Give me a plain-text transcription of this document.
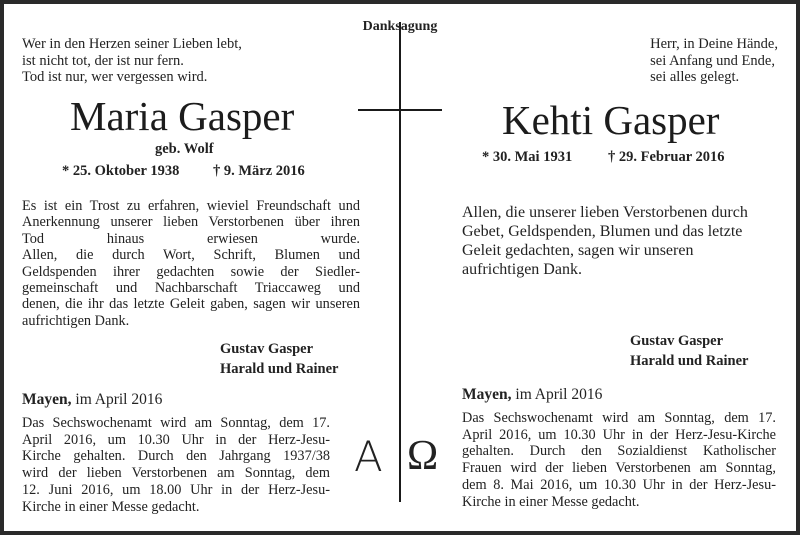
Danksagung
Wer in den Herzen seiner Lieben lebt,
ist nicht tot, der ist nur fern.
Tod ist nur, wer vergessen wird.
Herr, in Deine Hände,
sei Anfang und Ende,
sei alles gelegt.
Maria Gasper
geb. Wolf
* 25. Oktober 1938 † 9. März 2016
Es ist ein Trost zu erfahren, wieviel Freundschaft und
Anerkennung unserer lieben Verstorbenen über ihren
Tod hinaus erwiesen wurde.
Allen, die durch Wort, Schrift, Blumen und
Geldspenden ihrer gedachten sowie der Siedler-
gemeinschaft und Nachbarschaft Triaccaweg und
denen, die ihr das letzte Geleit gaben, sagen wir unseren
aufrichtigen Dank.
Gustav Gasper
Harald und Rainer
Mayen, im April 2016
Das Sechswochenamt wird am Sonntag, dem 17.
April 2016, um 10.30 Uhr in der Herz-Jesu-
Kirche gehalten. Durch den Jahrgang 1937/38
wird der lieben Verstorbenen am Sonntag, dem
12. Juni 2016, um 18.00 Uhr in der Herz-Jesu-
Kirche in einer Messe gedacht.
Kehti Gasper
* 30. Mai 1931 † 29. Februar 2016
Allen, die unserer lieben Verstorbenen durch
Gebet, Geldspenden, Blumen und das letzte
Geleit gedachten, sagen wir unseren
aufrichtigen Dank.
Gustav Gasper
Harald und Rainer
Mayen, im April 2016
Das Sechswochenamt wird am Sonntag, dem 17.
April 2016, um 10.30 Uhr in der Herz-Jesu-Kirche
gehalten. Durch den Sozialdienst Katholischer
Frauen wird der lieben Verstorbenen am Sonntag,
dem 8. Mai 2016, um 10.30 Uhr in der Herz-Jesu-
Kirche in einer Messe gedacht.
A Ω
